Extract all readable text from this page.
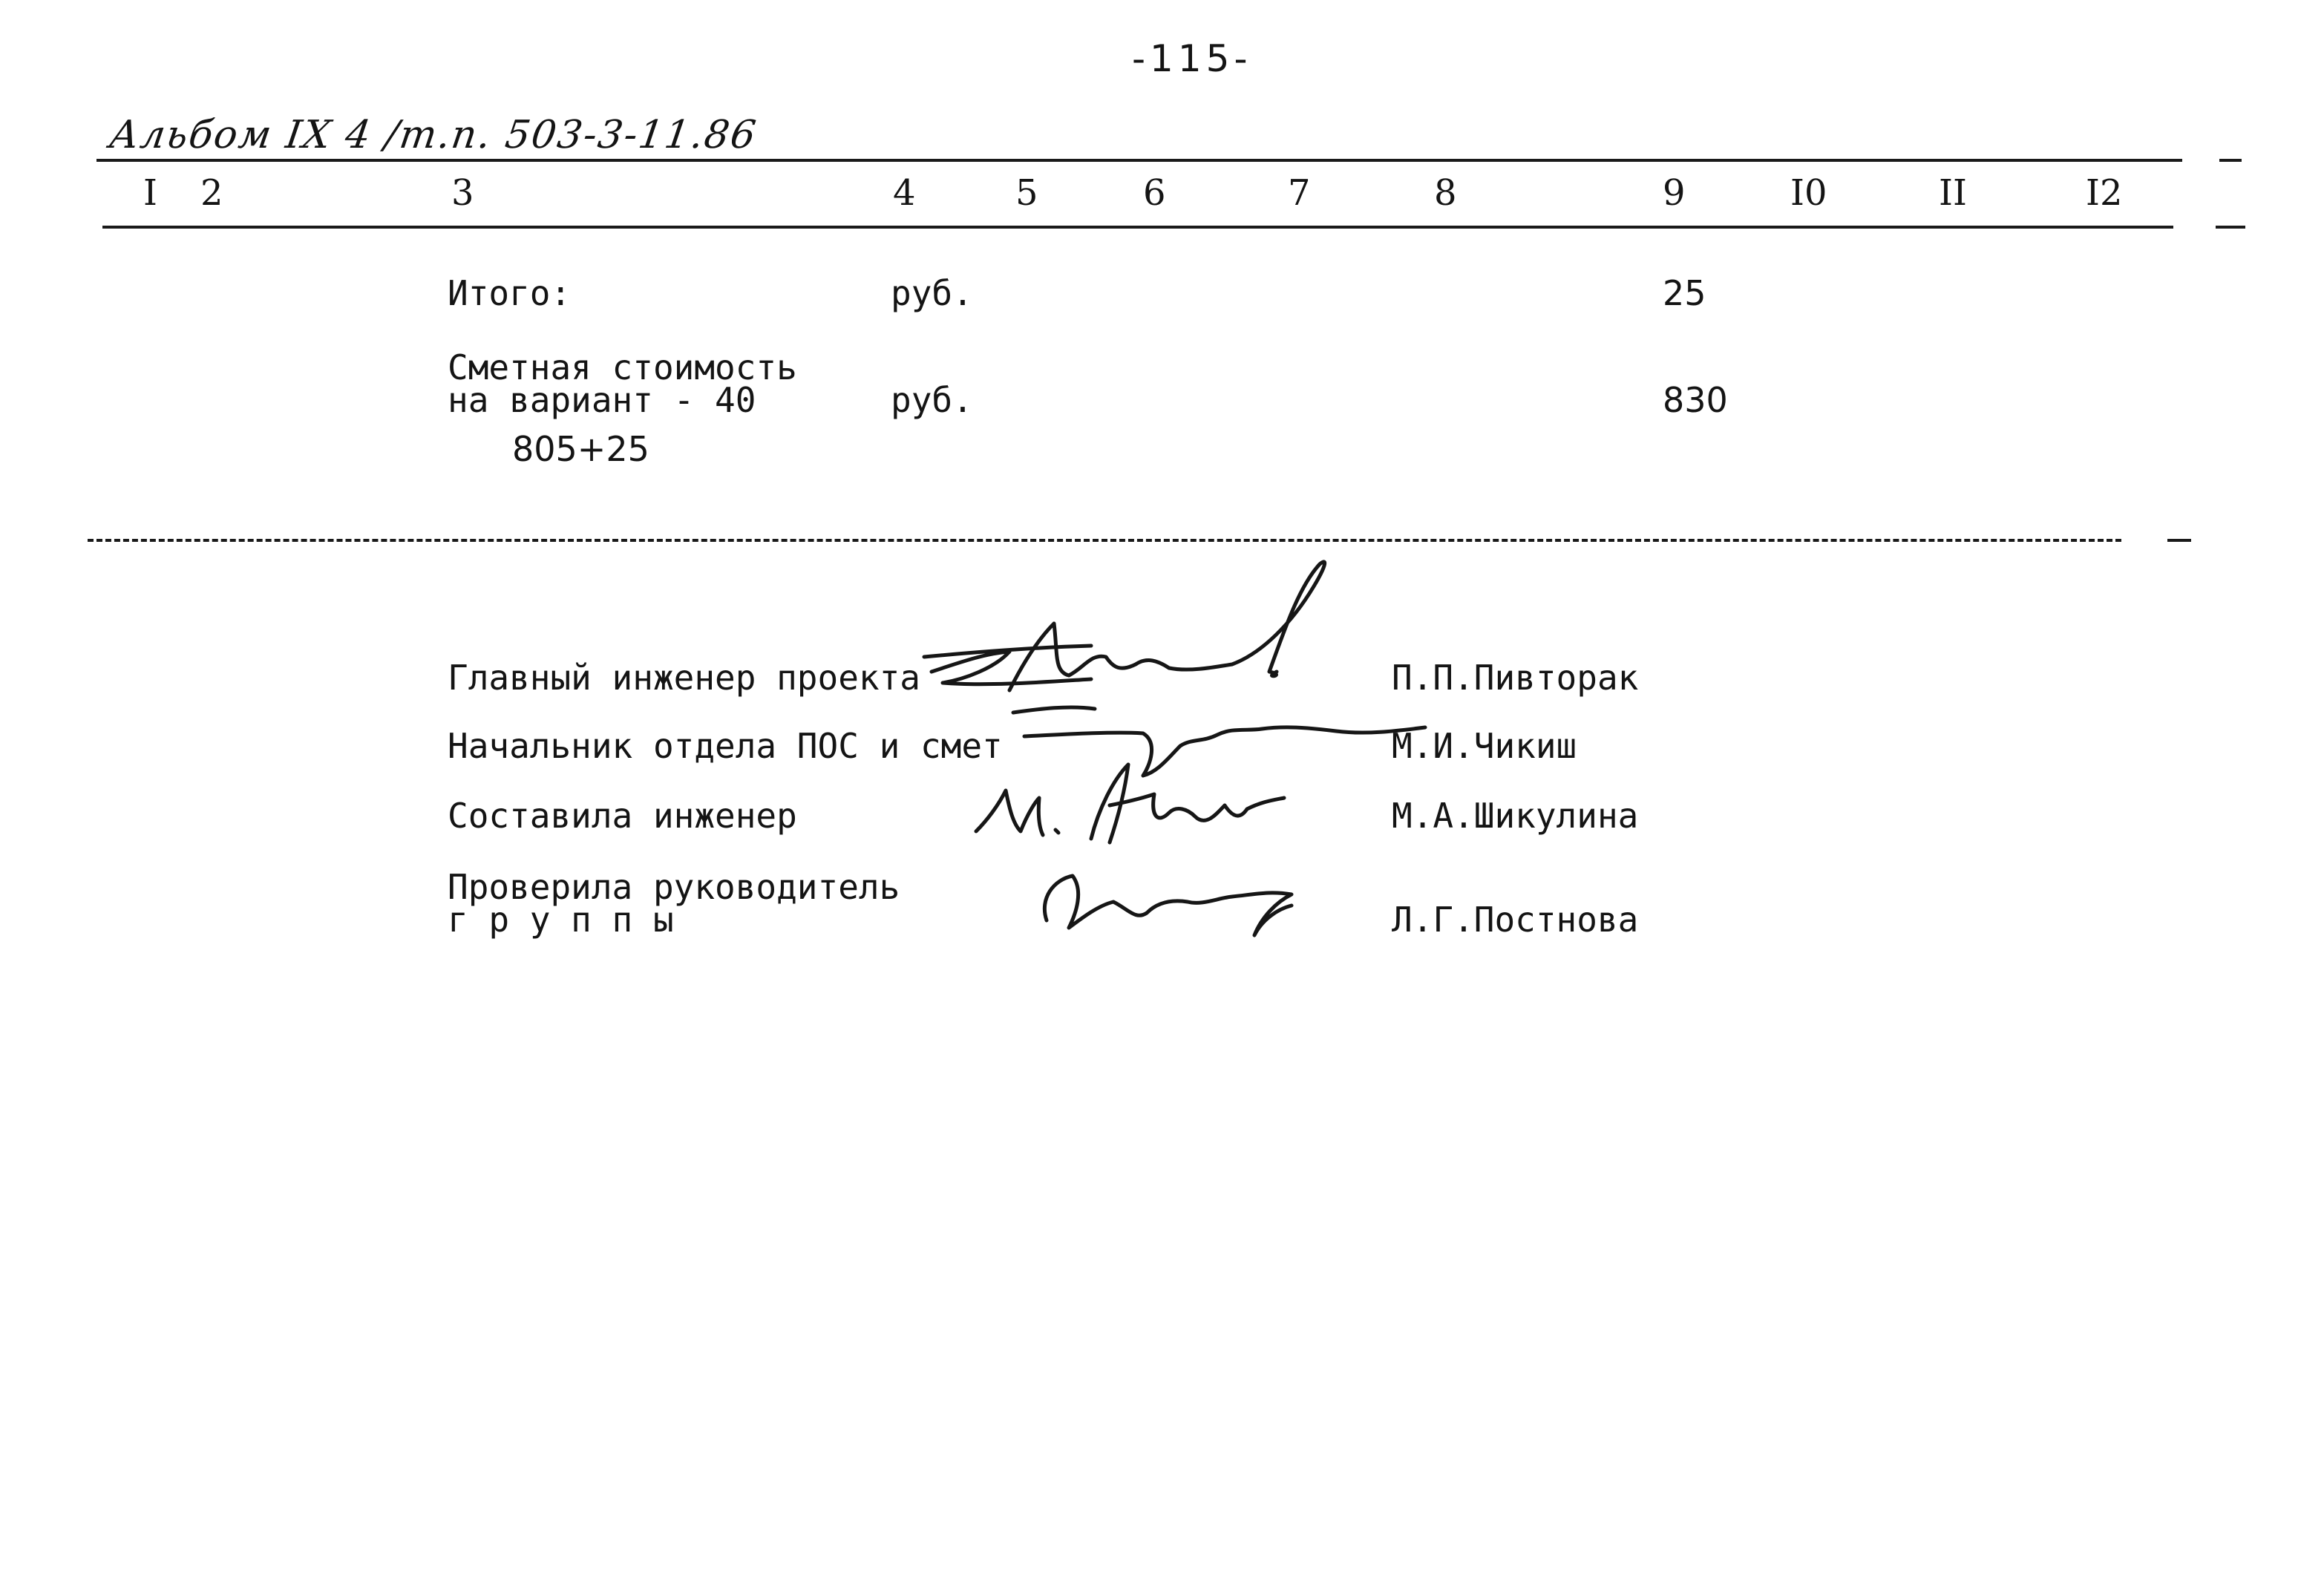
-115-
Альбом IX 4 /т.п. 503-3-11.86
I 2	3	4	5	6	7	8	9	I0	II	I2
Итого:	руб.	25
Сметная стоимость
на вариант - 40
805+25
руб.	830
Главный инженер проекта	П.П.Пивторак
Начальник отдела ПОС и смет	М.И.Чикиш
Составила инженер	М.А.Шикулина
Проверила руководитель
г р у п п ы	Л.Г.Постнова
